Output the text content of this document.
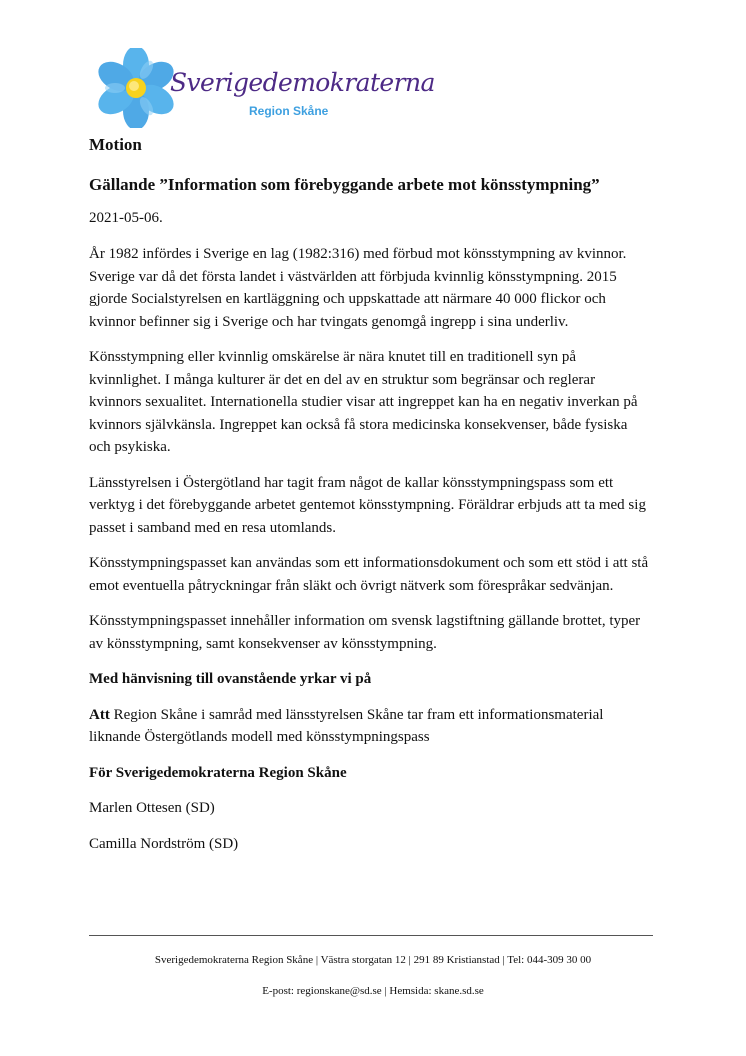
Sverigedemokraterna
Region Skåne
Motion
Gällande ”Information som förebyggande arbete mot könsstympning”
2021-05-06.

År 1982 infördes i Sverige en lag (1982:316) med förbud mot könsstympning av kvinnor. Sverige var då det första landet i västvärlden att förbjuda kvinnlig könsstympning. 2015 gjorde Socialstyrelsen en kartläggning och uppskattade att närmare 40 000 flickor och kvinnor befinner sig i Sverige och har tvingats genomgå ingrepp i sina underliv.

Könsstympning eller kvinnlig omskärelse är nära knutet till en traditionell syn på kvinnlighet. I många kulturer är det en del av en struktur som begränsar och reglerar kvinnors sexualitet. Internationella studier visar att ingreppet kan ha en negativ inverkan på kvinnors självkänsla. Ingreppet kan också få stora medicinska konsekvenser, både fysiska och psykiska.

Länsstyrelsen i Östergötland har tagit fram något de kallar könsstympningspass som ett verktyg i det förebyggande arbetet gentemot könsstympning. Föräldrar erbjuds att ta med sig passet i samband med en resa utomlands.

Könsstympningspasset kan användas som ett informationsdokument och som ett stöd i att stå emot eventuella påtryckningar från släkt och övrigt nätverk som förespråkar sedvänjan.

Könsstympningspasset innehåller information om svensk lagstiftning gällande brottet, typer av könsstympning, samt konsekvenser av könsstympning.

Med hänvisning till ovanstående yrkar vi på

Att Region Skåne i samråd med länsstyrelsen Skåne tar fram ett informationsmaterial liknande Östergötlands modell med könsstympningspass

För Sverigedemokraterna Region Skåne

Marlen Ottesen (SD)
Camilla Nordström (SD)
Sverigedemokraterna Region Skåne | Västra storgatan 12 | 291 89 Kristianstad | Tel: 044-309 30 00
E-post: regionskane@sd.se | Hemsida: skane.sd.se
